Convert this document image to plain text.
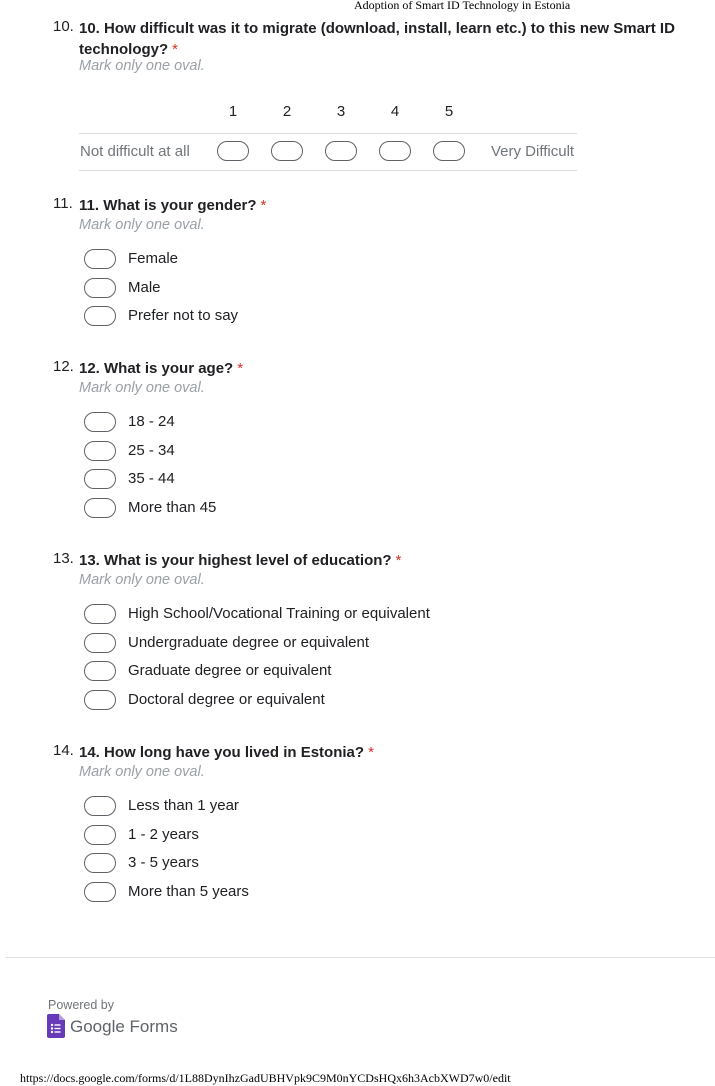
Adoption of Smart ID Technology in Estonia
10. 10. How difficult was it to migrate (download, install, learn etc.) to this new Smart ID technology? *
Mark only one oval.
1	2	3	4	5
Not difficult at all	Very Difficult
11. 11. What is your gender? *
Mark only one oval.
Female
Male
Prefer not to say
12. 12. What is your age? *
Mark only one oval.
18 - 24
25 - 34
35 - 44
More than 45
13. 13. What is your highest level of education? *
Mark only one oval.
High School/Vocational Training or equivalent
Undergraduate degree or equivalent
Graduate degree or equivalent
Doctoral degree or equivalent
14. 14. How long have you lived in Estonia? *
Mark only one oval.
Less than 1 year
1 - 2 years
3 - 5 years
More than 5 years
Powered by
Google Forms
https://docs.google.com/forms/d/1L88DynIhzGadUBHVpk9C9M0nYCDsHQx6h3AcbXWD7w0/edit
